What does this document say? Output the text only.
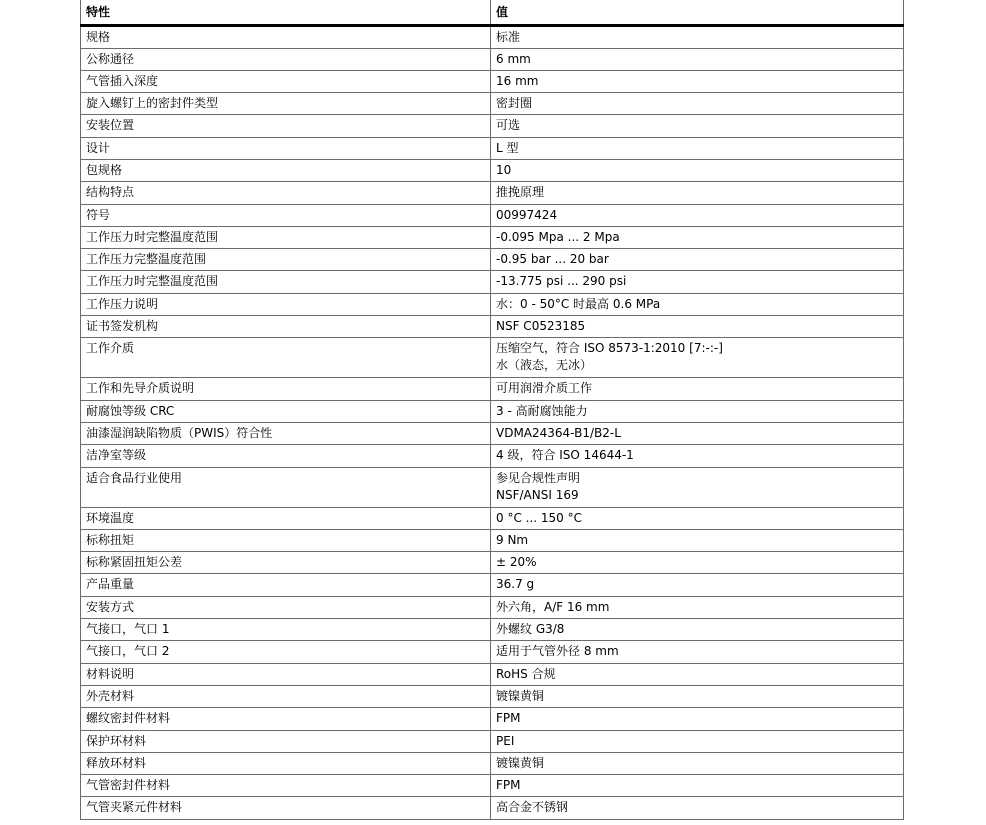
特性	值
规格	标准

公称通径	6 mm

气管插入深度	16 mm

旋入螺钉上的密封件类型	密封圈

安装位置	可选

设计	L 型

包规格	10

结构特点	推挽原理

符号	00997424

工作压力时完整温度范围	-0.095 Mpa ... 2 Mpa

工作压力完整温度范围	-0.95 bar ... 20 bar

工作压力时完整温度范围	-13.775 psi ... 290 psi

工作压力说明	水：0 - 50°C 时最高 0.6 MPa

证书签发机构	NSF C0523185

工作介质	压缩空气，符合 ISO 8573-1:2010 [7:-:-]
水（液态，无冰）

工作和先导介质说明	可用润滑介质工作

耐腐蚀等级 CRC	3 - 高耐腐蚀能力

油漆湿润缺陷物质（PWIS）符合性	VDMA24364-B1/B2-L

洁净室等级	4 级，符合 ISO 14644-1

适合食品行业使用	参见合规性声明
NSF/ANSI 169

环境温度	0 °C ... 150 °C

标称扭矩	9 Nm

标称紧固扭矩公差	± 20%

产品重量	36.7 g

安装方式	外六角，A/F 16 mm

气接口，气口 1	外螺纹 G3/8

气接口，气口 2	适用于气管外径 8 mm

材料说明	RoHS 合规

外壳材料	镀镍黄铜

螺纹密封件材料	FPM

保护环材料	PEI

释放环材料	镀镍黄铜

气管密封件材料	FPM

气管夹紧元件材料	高合金不锈钢
